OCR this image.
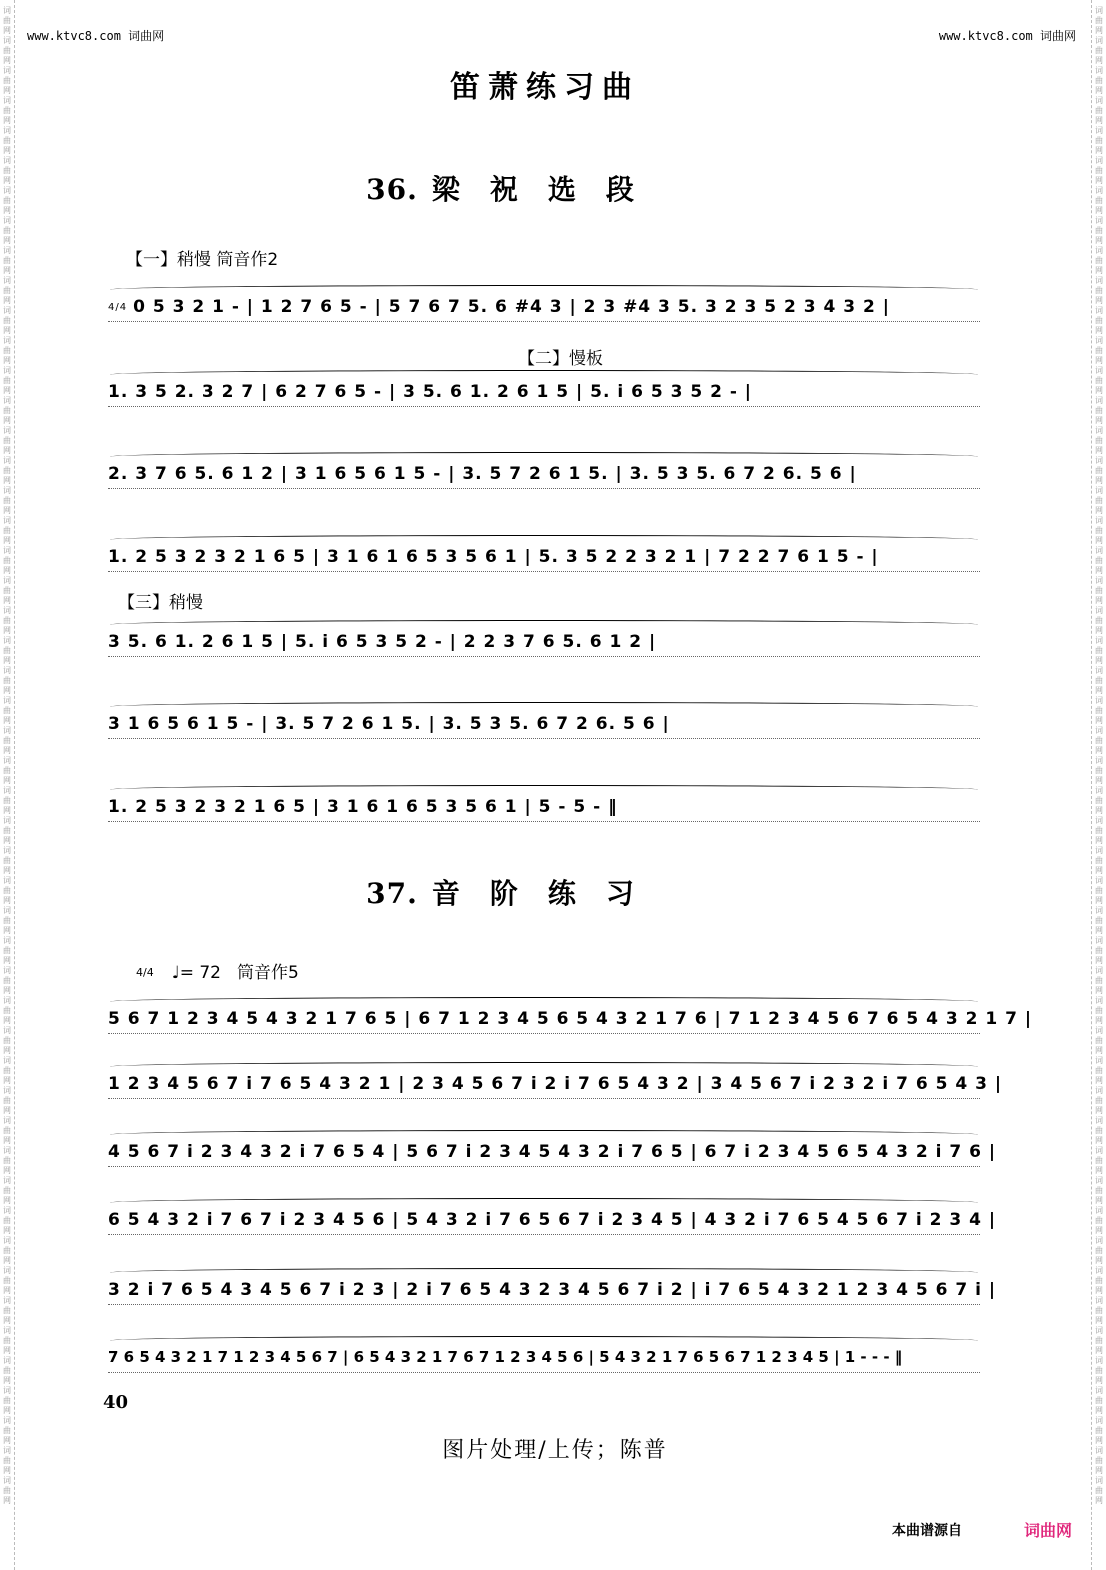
词曲网词曲网词曲网词曲网词曲网词曲网词曲网词曲网词曲网词曲网词曲网词曲网词曲网词曲网词曲网词曲网词曲网词曲网词曲网词曲网词曲网词曲网词曲网词曲网词曲网词曲网词曲网词曲网词曲网词曲网词曲网词曲网词曲网词曲网词曲网词曲网词曲网词曲网词曲网词曲网词曲网词曲网词曲网词曲网词曲网词曲网词曲网词曲网词曲网词曲网
词曲网词曲网词曲网词曲网词曲网词曲网词曲网词曲网词曲网词曲网词曲网词曲网词曲网词曲网词曲网词曲网词曲网词曲网词曲网词曲网词曲网词曲网词曲网词曲网词曲网词曲网词曲网词曲网词曲网词曲网词曲网词曲网词曲网词曲网词曲网词曲网词曲网词曲网词曲网词曲网词曲网词曲网词曲网词曲网词曲网词曲网词曲网词曲网词曲网词曲网
www.ktvc8.com 词曲网	www.ktvc8.com 词曲网
笛萧练习曲
36. 梁祝选段
【一】稍慢 筒音作2
4/4 0 5 3 2 1 - | 1 2 7 6 5 - | 5 7 6 7 5. 6 #4 3 | 2 3 #4 3 5. 3 2 3 5 2 3 4 3 2 |
【二】慢板
1. 3 5 2. 3 2 7 | 6 2 7 6 5 - | 3 5. 6 1. 2 6 1 5 | 5. i 6 5 3 5 2 - |
2. 3 7 6 5. 6 1 2 | 3 1 6 5 6 1 5 - | 3. 5 7 2 6 1 5. | 3. 5 3 5. 6 7 2 6. 5 6 |
1. 2 5 3 2 3 2 1 6 5 | 3 1 6 1 6 5 3 5 6 1 | 5. 3 5 2 2 3 2 1 | 7 2 2 7 6 1 5 - |
【三】稍慢
3 5. 6 1. 2 6 1 5 | 5. i 6 5 3 5 2 - | 2 2 3 7 6 5. 6 1 2 |
3 1 6 5 6 1 5 - | 3. 5 7 2 6 1 5. | 3. 5 3 5. 6 7 2 6. 5 6 |
1. 2 5 3 2 3 2 1 6 5 | 3 1 6 1 6 5 3 5 6 1 | 5 - 5 - ‖
37. 音阶练习
4/4 ♩= 72 筒音作5
5 6 7 1 2 3 4 5 4 3 2 1 7 6 5 | 6 7 1 2 3 4 5 6 5 4 3 2 1 7 6 | 7 1 2 3 4 5 6 7 6 5 4 3 2 1 7 |
1 2 3 4 5 6 7 i 7 6 5 4 3 2 1 | 2 3 4 5 6 7 i 2 i 7 6 5 4 3 2 | 3 4 5 6 7 i 2 3 2 i 7 6 5 4 3 |
4 5 6 7 i 2 3 4 3 2 i 7 6 5 4 | 5 6 7 i 2 3 4 5 4 3 2 i 7 6 5 | 6 7 i 2 3 4 5 6 5 4 3 2 i 7 6 |
6 5 4 3 2 i 7 6 7 i 2 3 4 5 6 | 5 4 3 2 i 7 6 5 6 7 i 2 3 4 5 | 4 3 2 i 7 6 5 4 5 6 7 i 2 3 4 |
3 2 i 7 6 5 4 3 4 5 6 7 i 2 3 | 2 i 7 6 5 4 3 2 3 4 5 6 7 i 2 | i 7 6 5 4 3 2 1 2 3 4 5 6 7 i |
7 6 5 4 3 2 1 7 1 2 3 4 5 6 7 | 6 5 4 3 2 1 7 6 7 1 2 3 4 5 6 | 5 4 3 2 1 7 6 5 6 7 1 2 3 4 5 | 1 - - - ‖
40
图片处理/上传；陈普
本曲谱源自	词曲网
